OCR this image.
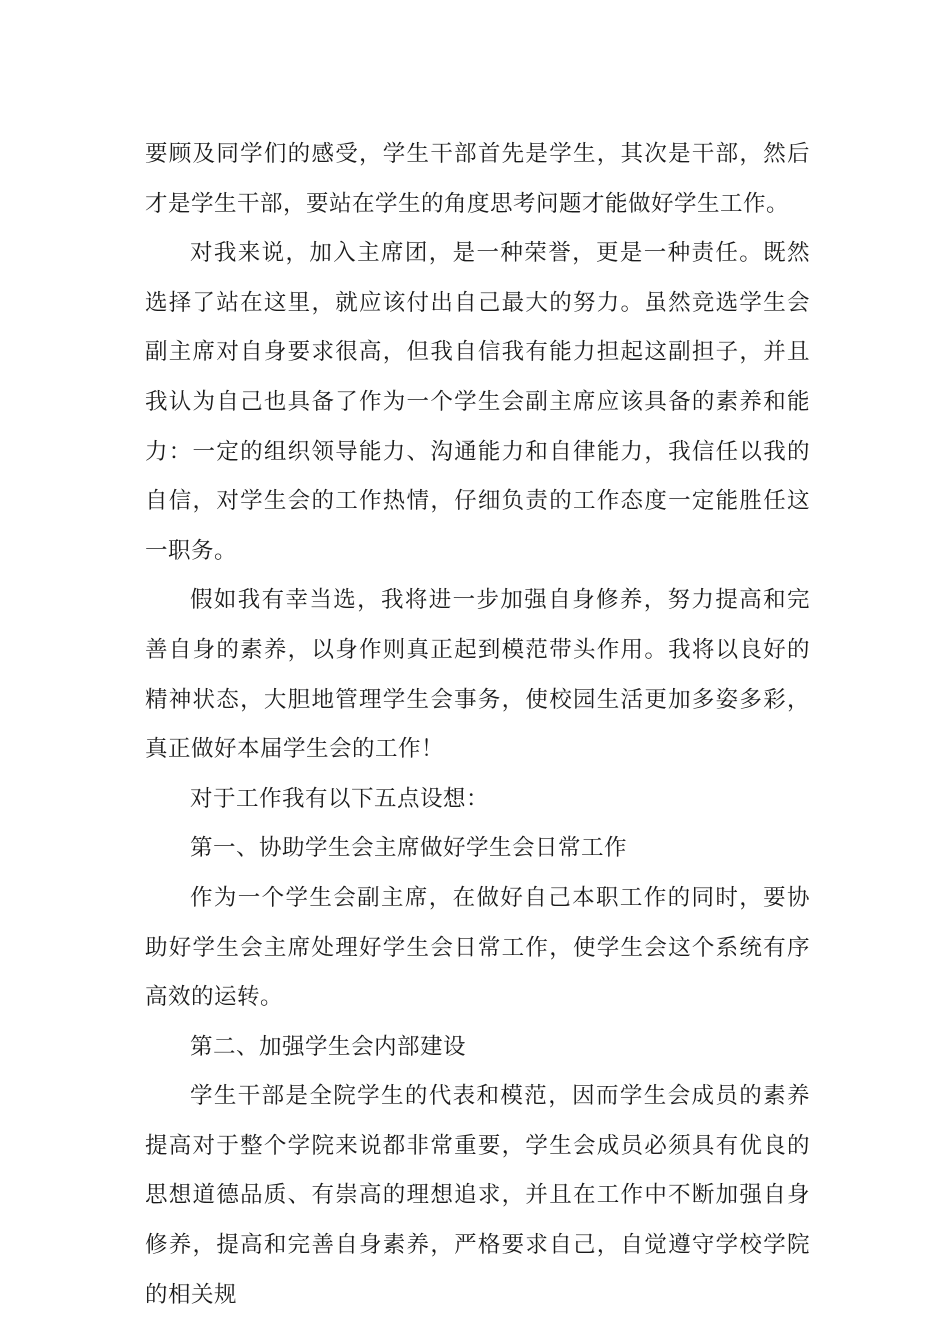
要顾及同学们的感受，学生干部首先是学生，其次是干部，然后才是学生干部，要站在学生的角度思考问题才能做好学生工作。

对我来说，加入主席团，是一种荣誉，更是一种责任。既然选择了站在这里，就应该付出自己最大的努力。虽然竞选学生会副主席对自身要求很高，但我自信我有能力担起这副担子，并且我认为自己也具备了作为一个学生会副主席应该具备的素养和能力：一定的组织领导能力、沟通能力和自律能力，我信任以我的自信，对学生会的工作热情，仔细负责的工作态度一定能胜任这一职务。

假如我有幸当选，我将进一步加强自身修养，努力提高和完善自身的素养，以身作则真正起到模范带头作用。我将以良好的精神状态，大胆地管理学生会事务，使校园生活更加多姿多彩，真正做好本届学生会的工作！

对于工作我有以下五点设想：

第一、协助学生会主席做好学生会日常工作

作为一个学生会副主席，在做好自己本职工作的同时，要协助好学生会主席处理好学生会日常工作，使学生会这个系统有序高效的运转。

第二、加强学生会内部建设

学生干部是全院学生的代表和模范，因而学生会成员的素养提高对于整个学院来说都非常重要，学生会成员必须具有优良的思想道德品质、有崇高的理想追求，并且在工作中不断加强自身修养，提高和完善自身素养，严格要求自己，自觉遵守学校学院的相关规
